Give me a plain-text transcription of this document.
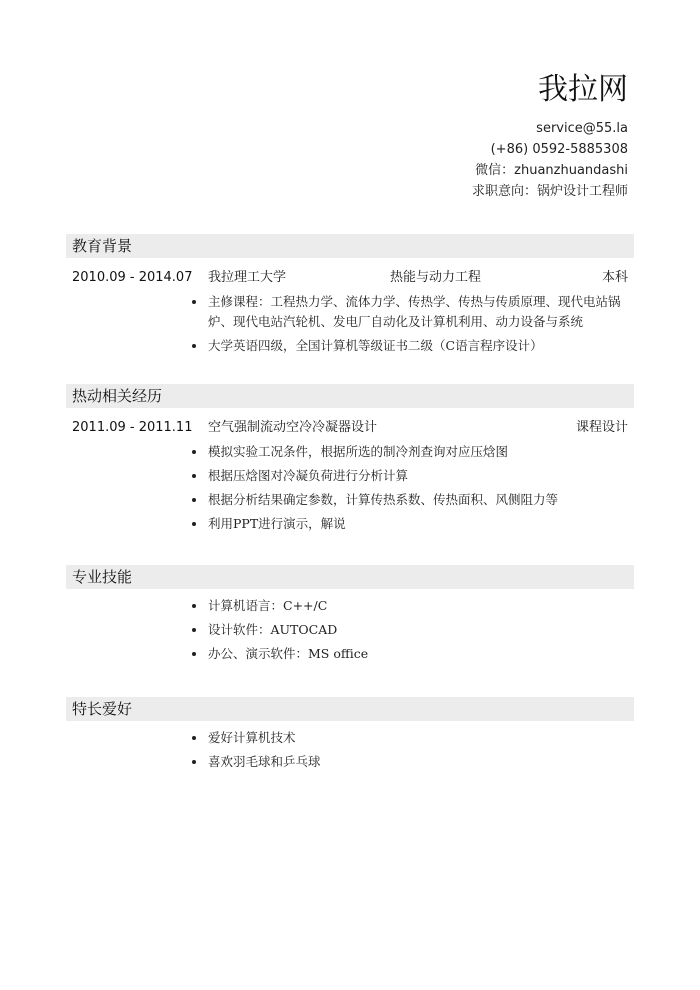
我拉网
service@55.la
(+86) 0592-5885308
微信：zhuanzhuandashi
求职意向：锅炉设计工程师
教育背景
2010.09 - 2014.07 我拉理工大学	热能与动力工程	本科
主修课程：工程热力学、流体力学、传热学、传热与传质原理、现代电站锅炉、现代电站汽轮机、发电厂自动化及计算机利用、动力设备与系统
大学英语四级，全国计算机等级证书二级（C语言程序设计）
热动相关经历
2011.09 - 2011.11 空气强制流动空冷冷凝器设计	课程设计
模拟实验工况条件，根据所选的制冷剂查询对应压焓图
根据压焓图对冷凝负荷进行分析计算
根据分析结果确定参数，计算传热系数、传热面积、风侧阻力等
利用PPT进行演示，解说
专业技能
计算机语言：C++/C
设计软件：AUTOCAD
办公、演示软件：MS office
特长爱好
爱好计算机技术
喜欢羽毛球和乒乓球
